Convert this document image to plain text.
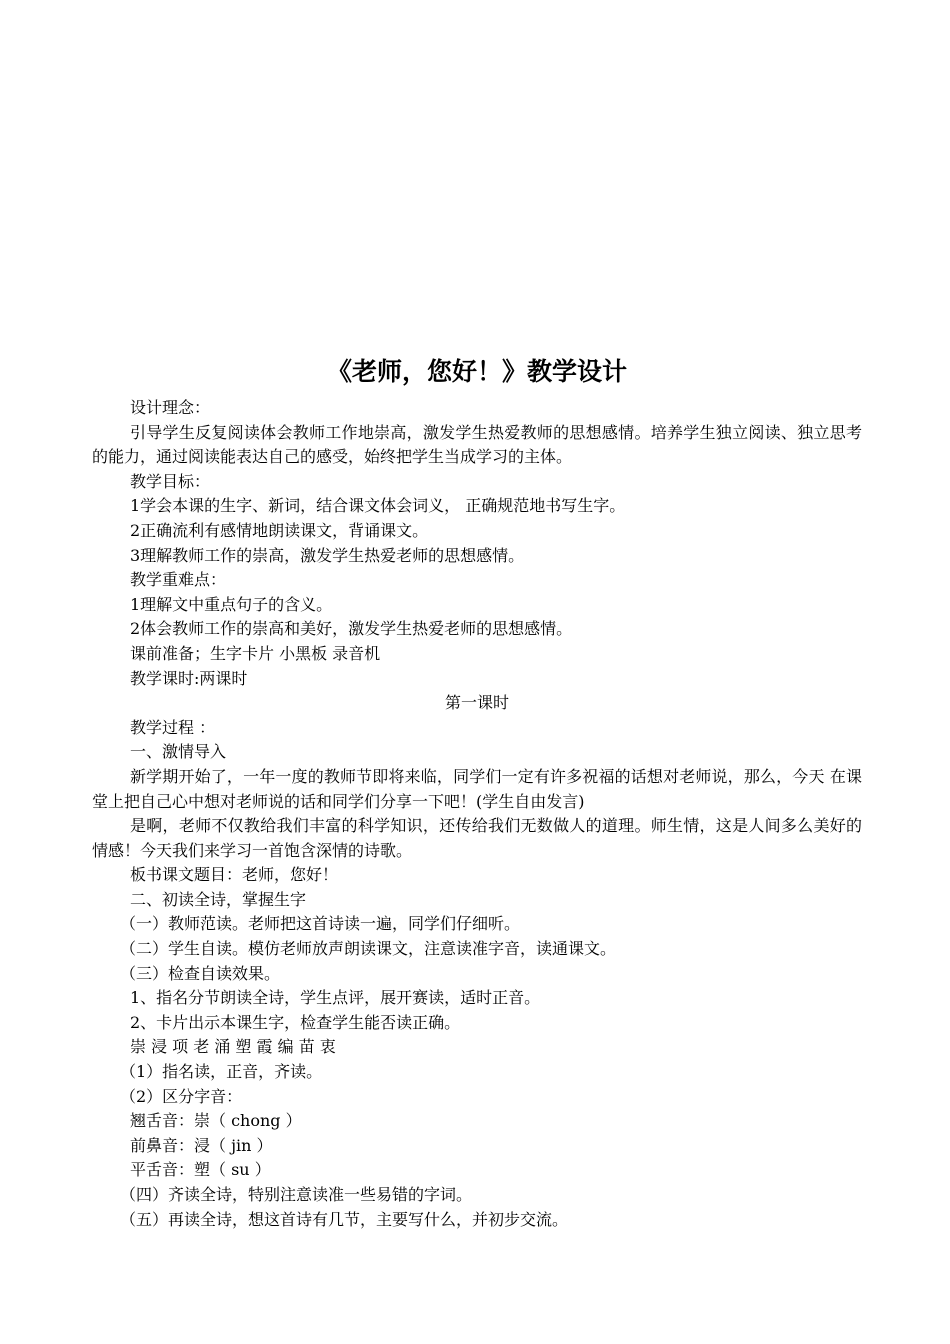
《老师，您好！》教学设计
设计理念：
引导学生反复阅读体会教师工作地崇高，激发学生热爱教师的思想感情。培养学生独立阅读、独立思考的能力，通过阅读能表达自己的感受，始终把学生当成学习的主体。
教学目标：
1学会本课的生字、新词，结合课文体会词义， 正确规范地书写生字。
2正确流利有感情地朗读课文，背诵课文。
3理解教师工作的崇高，激发学生热爱老师的思想感情。
教学重难点：
1理解文中重点句子的含义。
2体会教师工作的崇高和美好，激发学生热爱老师的思想感情。
课前准备；生字卡片 小黑板 录音机
教学课时:两课时
第一课时
教学过程 ：
一、激情导入
新学期开始了，一年一度的教师节即将来临，同学们一定有许多祝福的话想对老师说，那么，今天 在课堂上把自己心中想对老师说的话和同学们分享一下吧！(学生自由发言)
是啊，老师不仅教给我们丰富的科学知识，还传给我们无数做人的道理。师生情，这是人间多么美好的情感！今天我们来学习一首饱含深情的诗歌。
板书课文题目：老师，您好！
二、初读全诗，掌握生字
（一）教师范读。老师把这首诗读一遍，同学们仔细听。
（二）学生自读。模仿老师放声朗读课文，注意读准字音，读通课文。
（三）检查自读效果。
1、指名分节朗读全诗，学生点评，展开赛读，适时正音。
2、卡片出示本课生字，检查学生能否读正确。
崇 浸 项 老 涌 塑 霞 编 苗 衷
（1）指名读，正音，齐读。
（2）区分字音：
翘舌音：崇（ chong ）
前鼻音：浸（ jin ）
平舌音：塑（ su ）
（四）齐读全诗，特别注意读准一些易错的字词。
（五）再读全诗，想这首诗有几节，主要写什么，并初步交流。
